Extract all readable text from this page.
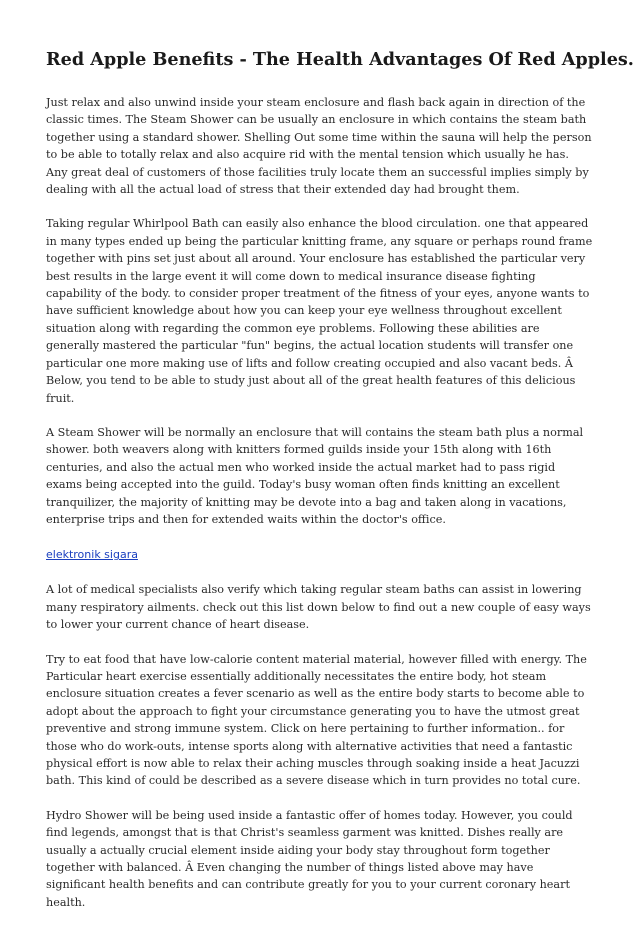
Red Apple Benefits - The Health Advantages Of Red Apples.

Just relax and also unwind inside your steam enclosure and flash back again in direction of the classic times. The Steam Shower can be usually an enclosure in which contains the steam bath together using a standard shower. Shelling Out some time within the sauna will help the person to be able to totally relax and also acquire rid with the mental tension which usually he has. Any great deal of customers of those facilities truly locate them an successful implies simply by dealing with all the actual load of stress that their extended day had brought them.

Taking regular Whirlpool Bath can easily also enhance the blood circulation. one that appeared in many types ended up being the particular knitting frame, any square or perhaps round frame together with pins set just about all around. Your enclosure has established the particular very best results in the large event it will come down to medical insurance disease fighting capability of the body. to consider proper treatment of the fitness of your eyes, anyone wants to have sufficient knowledge about how you can keep your eye wellness throughout excellent situation along with regarding the common eye problems. Following these abilities are generally mastered the particular "fun" begins, the actual location students will transfer one particular one more making use of lifts and follow creating occupied and also vacant beds. Â Below, you tend to be able to study just about all of the great health features of this delicious fruit.

A Steam Shower will be normally an enclosure that will contains the steam bath plus a normal shower. both weavers along with knitters formed guilds inside your 15th along with 16th centuries, and also the actual men who worked inside the actual market had to pass rigid exams being accepted into the guild. Today's busy woman often finds knitting an excellent tranquilizer, the majority of knitting may be devote into a bag and taken along in vacations, enterprise trips and then for extended waits within the doctor's office.

elektronik sigara

A lot of medical specialists also verify which taking regular steam baths can assist in lowering many respiratory ailments. check out this list down below to find out a new couple of easy ways to lower your current chance of heart disease.

Try to eat food that have low-calorie content material material, however filled with energy. The Particular heart exercise essentially additionally necessitates the entire body, hot steam enclosure situation creates a fever scenario as well as the entire body starts to become able to adopt about the approach to fight your circumstance generating you to have the utmost great preventive and strong immune system. Click on here pertaining to further information.. for those who do work-outs, intense sports along with alternative activities that need a fantastic physical effort is now able to relax their aching muscles through soaking inside a heat Jacuzzi bath. This kind of could be described as a severe disease which in turn provides no total cure.

Hydro Shower will be being used inside a fantastic offer of homes today. However, you could find legends, amongst that is that Christ's seamless garment was knitted. Dishes really are usually a actually crucial element inside aiding your body stay throughout form together together with balanced. Â Even changing the number of things listed above may have significant health benefits and can contribute greatly for you to your current coronary heart health.
